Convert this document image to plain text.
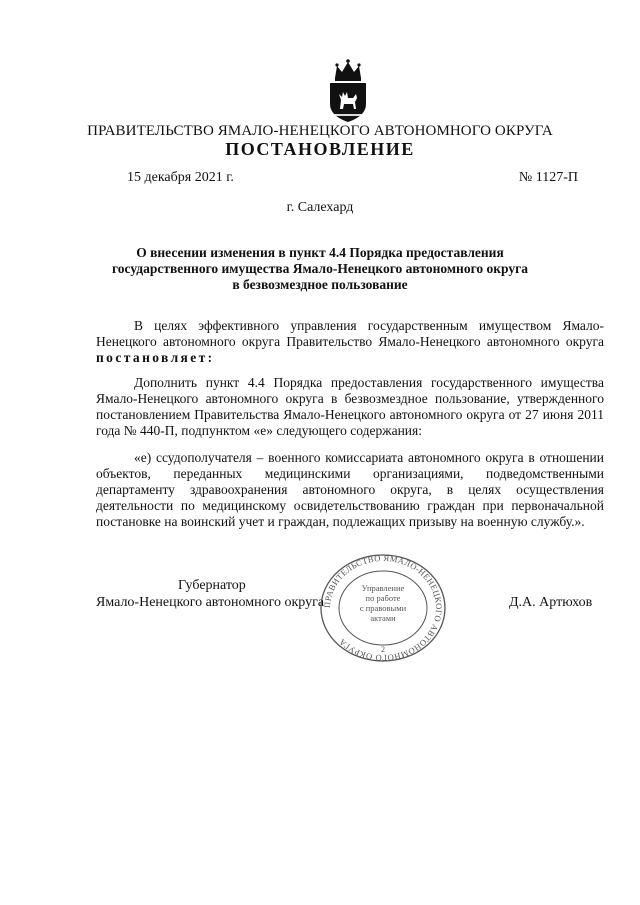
ПРАВИТЕЛЬСТВО ЯМАЛО-НЕНЕЦКОГО АВТОНОМНОГО ОКРУГА
ПОСТАНОВЛЕНИЕ
15 декабря 2021 г.	№ 1127-П
г. Салехард
О внесении изменения в пункт 4.4 Порядка предоставления
государственного имущества Ямало-Ненецкого автономного округа
в безвозмездное пользование

В целях эффективного управления государственным имуществом Ямало-Ненецкого автономного округа Правительство Ямало-Ненецкого автономного округа постановляет:

Дополнить пункт 4.4 Порядка предоставления государственного имущества Ямало-Ненецкого автономного округа в безвозмездное пользование, утвержденного постановлением Правительства Ямало-Ненецкого автономного округа от 27 июня 2011 года № 440-П, подпунктом «е» следующего содержания:

«е) ссудополучателя – военного комиссариата автономного округа в отношении объектов, переданных медицинскими организациями, подведомственными департаменту здравоохранения автономного округа, в целях осуществления деятельности по медицинскому освидетельствованию граждан при первоначальной постановке на воинский учет и граждан, подлежащих призыву на военную службу.».

Губернатор
Ямало-Ненецкого автономного округа	Д.А. Артюхов
ПРАВИТЕЛЬСТВО ЯМАЛО-НЕНЕЦКОГО АВТОНОМНОГО ОКРУГА
Управление
по работе
с правовыми
актами
2
